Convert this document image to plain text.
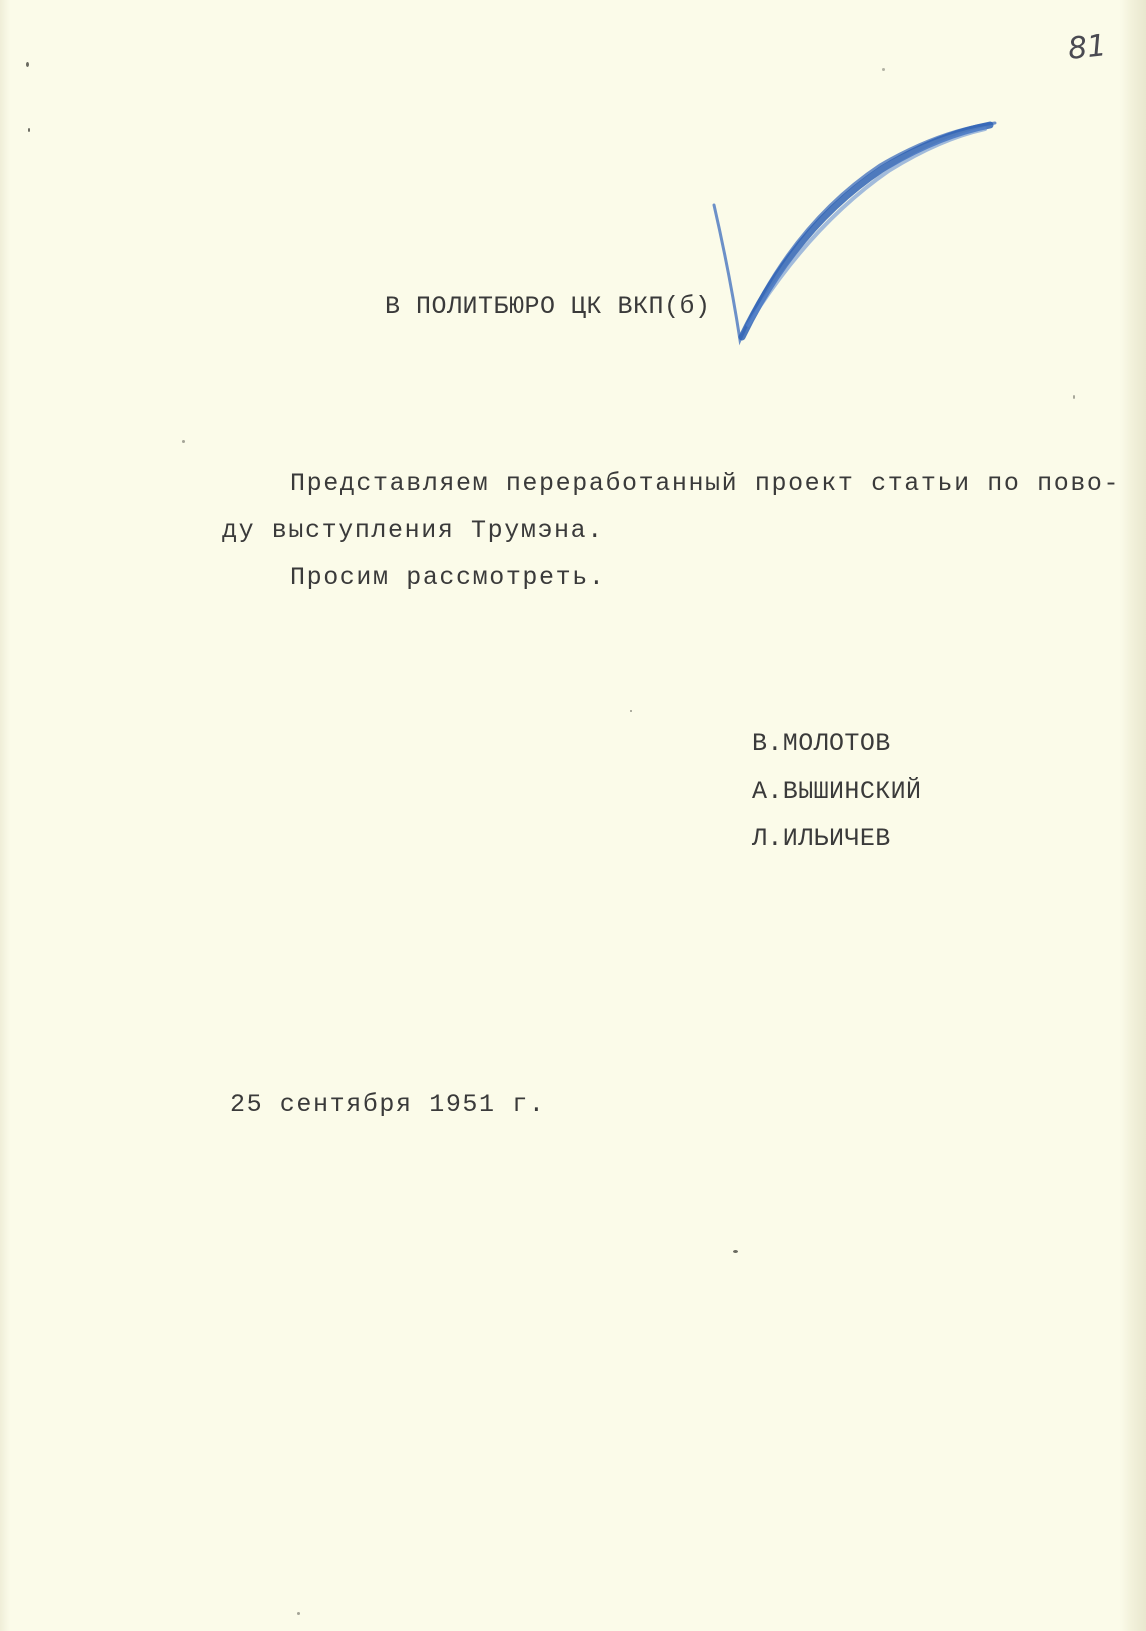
81
В ПОЛИТБЮРО ЦК ВКП(б)
Представляем переработанный проект статьи по пово-
ду выступления Трумэна.
Просим рассмотреть.
В.МОЛОТОВ
А.ВЫШИНСКИЙ
Л.ИЛЬИЧЕВ
25 сентября 1951 г.
